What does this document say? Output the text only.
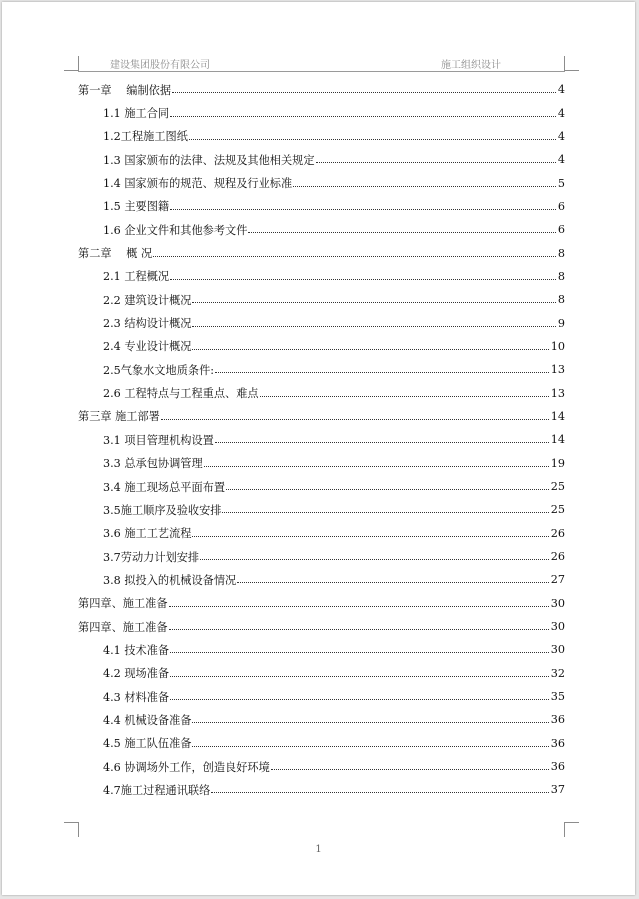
建设集团股份有限公司	施工组织设计
第一章　 编制依据	4
1.1 施工合同	4
1.2工程施工图纸	4
1.3 国家颁布的法律、法规及其他相关规定	4
1.4 国家颁布的规范、规程及行业标准	5
1.5 主要图籍	6
1.6 企业文件和其他参考文件	6
第二章　 概 况	8
2.1 工程概况	8
2.2 建筑设计概况	8
2.3 结构设计概况	9
2.4 专业设计概况	10
2.5气象水文地质条件:	13
2.6 工程特点与工程重点、难点	13
第三章 施工部署	14
3.1 项目管理机构设置	14
3.3 总承包协调管理	19
3.4 施工现场总平面布置	25
3.5施工顺序及验收安排	25
3.6 施工工艺流程	26
3.7劳动力计划安排	26
3.8 拟投入的机械设备情况	27
第四章、施工准备	30
第四章、施工准备	30
4.1 技术准备	30
4.2 现场准备	32
4.3 材料准备	35
4.4 机械设备准备	36
4.5 施工队伍准备	36
4.6 协调场外工作，创造良好环境	36
4.7施工过程通讯联络	37
1
